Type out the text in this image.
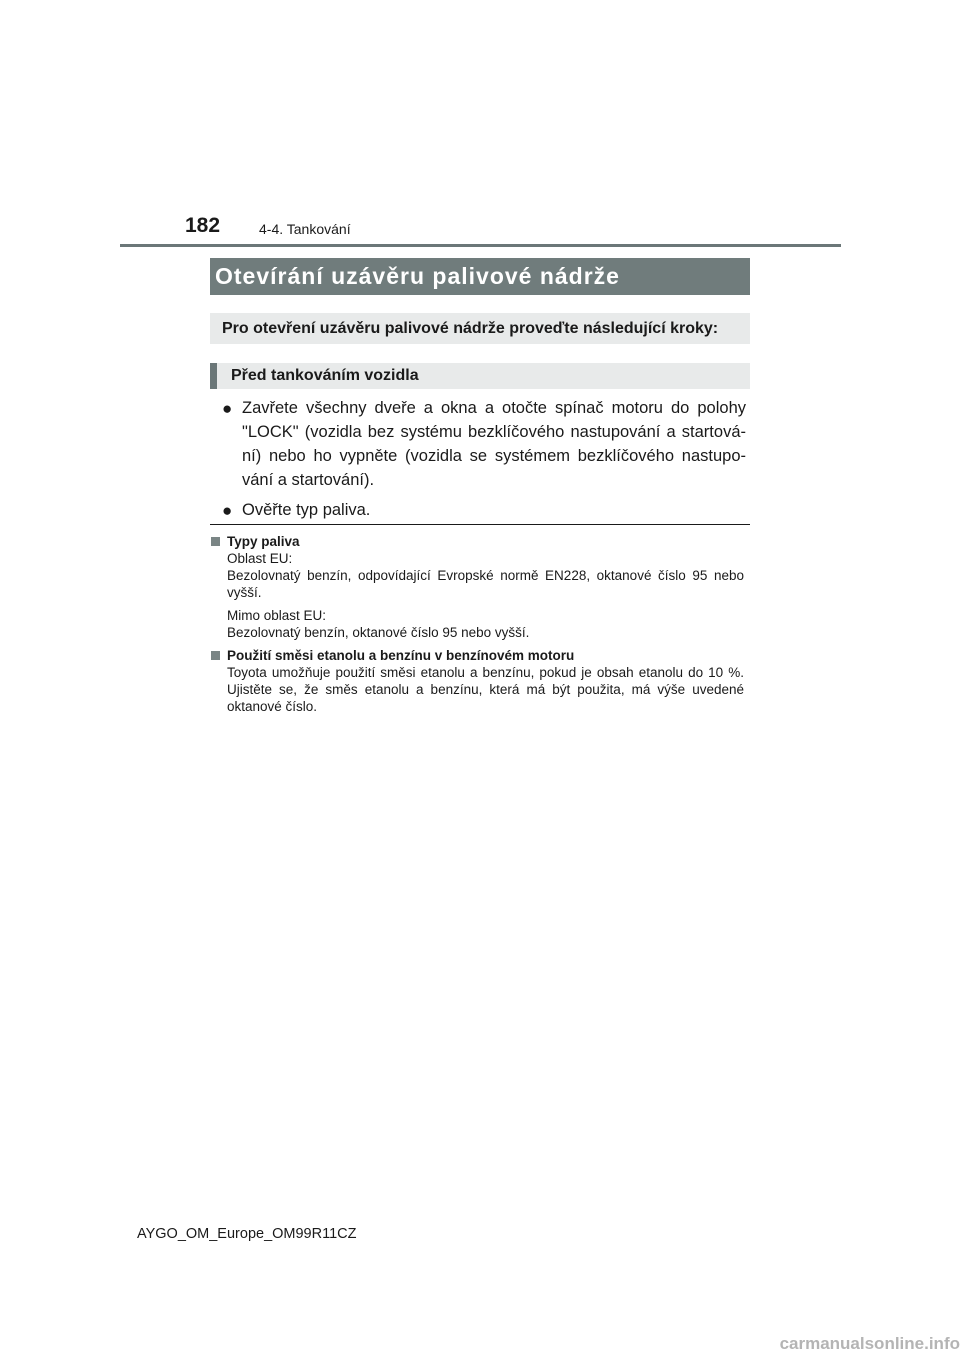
182	4-4. Tankování
Otevírání uzávěru palivové nádrže
Pro otevření uzávěru palivové nádrže proveďte následující kroky:
Před tankováním vozidla
● Zavřete všechny dveře a okna a otočte spínač motoru do polohy "LOCK" (vozidla bez systému bezklíčového nastupování a startová- ní) nebo ho vypněte (vozidla se systémem bezklíčového nastupo- vání a startování).
● Ověřte typ paliva.
Typy paliva
Oblast EU:
Bezolovnatý benzín, odpovídající Evropské normě EN228, oktanové číslo 95 nebo vyšší.
Mimo oblast EU:
Bezolovnatý benzín, oktanové číslo 95 nebo vyšší.
Použití směsi etanolu a benzínu v benzínovém motoru
Toyota umožňuje použití směsi etanolu a benzínu, pokud je obsah etanolu do 10 %. Ujistěte se, že směs etanolu a benzínu, která má být použita, má výše uvedené oktanové číslo.
AYGO_OM_Europe_OM99R11CZ
carmanualsonline.info
